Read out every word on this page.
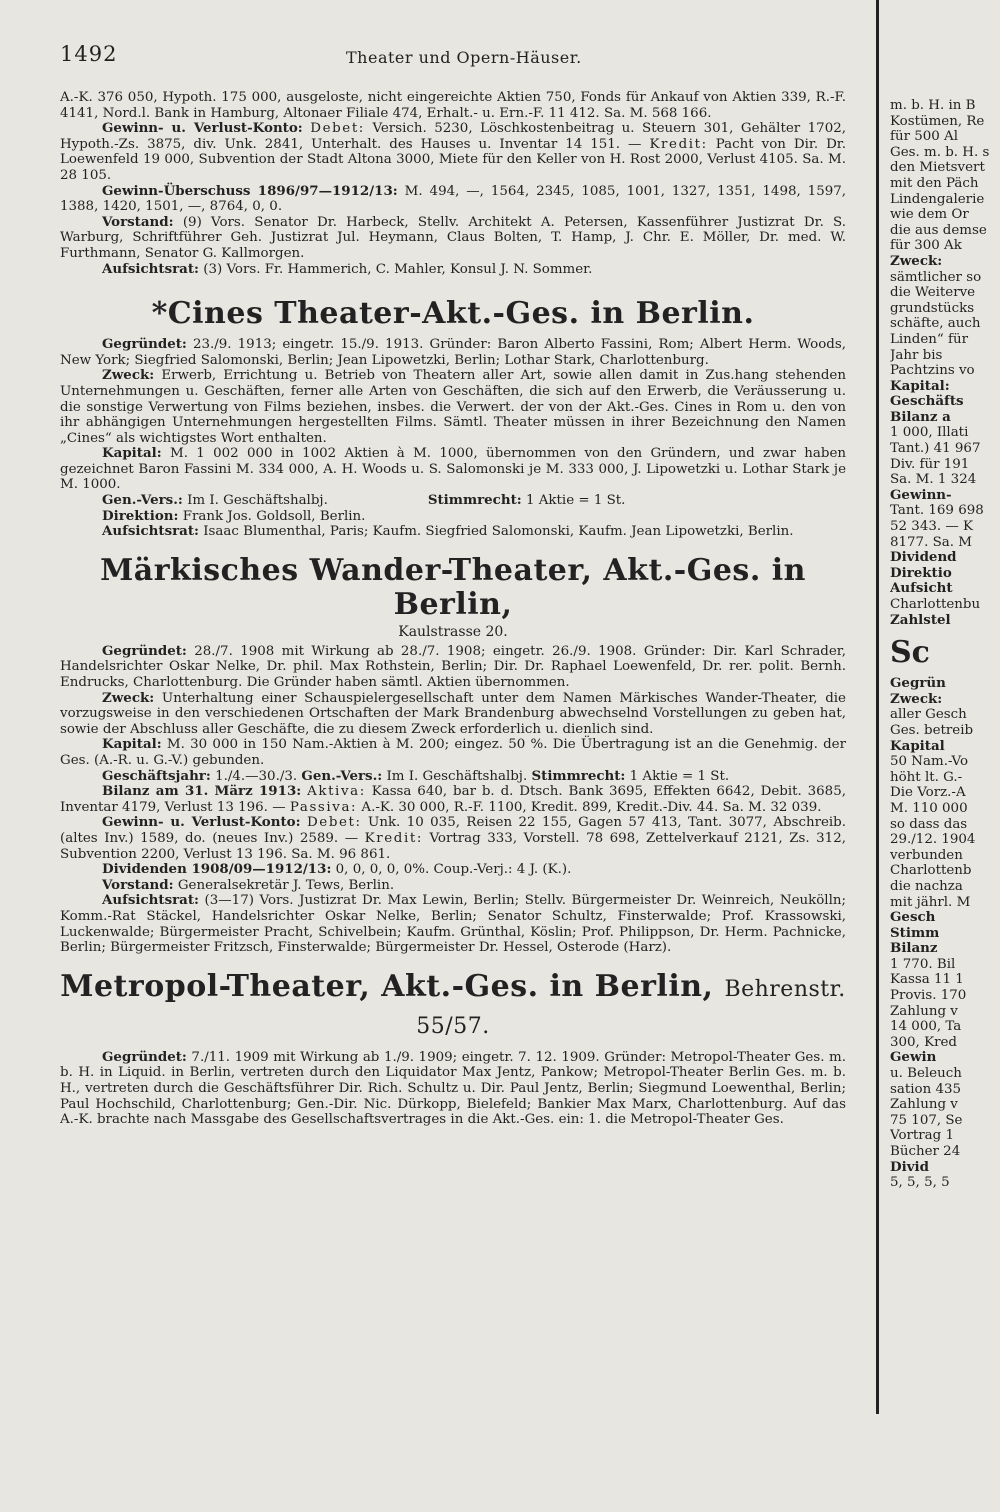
1492	Theater und Opern-Häuser.

A.-K. 376 050, Hypoth. 175 000, ausgeloste, nicht eingereichte Aktien 750, Fonds für Ankauf von Aktien 339, R.-F. 4141, Nord.l. Bank in Hamburg, Altonaer Filiale 474, Erhalt.- u. Ern.-F. 11 412. Sa. M. 568 166.

Gewinn- u. Verlust-Konto: Debet: Versich. 5230, Löschkostenbeitrag u. Steuern 301, Gehälter 1702, Hypoth.-Zs. 3875, div. Unk. 2841, Unterhalt. des Hauses u. Inventar 14 151. — Kredit: Pacht von Dir. Dr. Loewenfeld 19 000, Subvention der Stadt Altona 3000, Miete für den Keller von H. Rost 2000, Verlust 4105. Sa. M. 28 105.

Gewinn-Überschuss 1896/97—1912/13: M. 494, —, 1564, 2345, 1085, 1001, 1327, 1351, 1498, 1597, 1388, 1420, 1501, —, 8764, 0, 0.

Vorstand: (9) Vors. Senator Dr. Harbeck, Stellv. Architekt A. Petersen, Kassenführer Justizrat Dr. S. Warburg, Schriftführer Geh. Justizrat Jul. Heymann, Claus Bolten, T. Hamp, J. Chr. E. Möller, Dr. med. W. Furthmann, Senator G. Kallmorgen.

Aufsichtsrat: (3) Vors. Fr. Hammerich, C. Mahler, Konsul J. N. Sommer.

*Cines Theater-Akt.-Ges. in Berlin.

Gegründet: 23./9. 1913; eingetr. 15./9. 1913. Gründer: Baron Alberto Fassini, Rom; Albert Herm. Woods, New York; Siegfried Salomonski, Berlin; Jean Lipowetzki, Berlin; Lothar Stark, Charlottenburg.

Zweck: Erwerb, Errichtung u. Betrieb von Theatern aller Art, sowie allen damit in Zus.hang stehenden Unternehmungen u. Geschäften, ferner alle Arten von Geschäften, die sich auf den Erwerb, die Veräusserung u. die sonstige Verwertung von Films beziehen, insbes. die Verwert. der von der Akt.-Ges. Cines in Rom u. den von ihr abhängigen Unternehmungen hergestellten Films. Sämtl. Theater müssen in ihrer Bezeichnung den Namen „Cines“ als wichtigstes Wort enthalten.

Kapital: M. 1 002 000 in 1002 Aktien à M. 1000, übernommen von den Gründern, und zwar haben gezeichnet Baron Fassini M. 334 000, A. H. Woods u. S. Salomonski je M. 333 000, J. Lipowetzki u. Lothar Stark je M. 1000.

Gen.-Vers.: Im I. Geschäftshalbj.	Stimmrecht: 1 Aktie = 1 St.

Direktion: Frank Jos. Goldsoll, Berlin.

Aufsichtsrat: Isaac Blumenthal, Paris; Kaufm. Siegfried Salomonski, Kaufm. Jean Lipowetzki, Berlin.

Märkisches Wander-Theater, Akt.-Ges. in Berlin,
Kaulstrasse 20.

Gegründet: 28./7. 1908 mit Wirkung ab 28./7. 1908; eingetr. 26./9. 1908. Gründer: Dir. Karl Schrader, Handelsrichter Oskar Nelke, Dr. phil. Max Rothstein, Berlin; Dir. Dr. Raphael Loewenfeld, Dr. rer. polit. Bernh. Endrucks, Charlottenburg. Die Gründer haben sämtl. Aktien übernommen.

Zweck: Unterhaltung einer Schauspielergesellschaft unter dem Namen Märkisches Wander-Theater, die vorzugsweise in den verschiedenen Ortschaften der Mark Brandenburg abwechselnd Vorstellungen zu geben hat, sowie der Abschluss aller Geschäfte, die zu diesem Zweck erforderlich u. dienlich sind.

Kapital: M. 30 000 in 150 Nam.-Aktien à M. 200; eingez. 50 %. Die Übertragung ist an die Genehmig. der Ges. (A.-R. u. G.-V.) gebunden.

Geschäftsjahr: 1./4.—30./3. Gen.-Vers.: Im I. Geschäftshalbj. Stimmrecht: 1 Aktie = 1 St.

Bilanz am 31. März 1913: Aktiva: Kassa 640, bar b. d. Dtsch. Bank 3695, Effekten 6642, Debit. 3685, Inventar 4179, Verlust 13 196. — Passiva: A.-K. 30 000, R.-F. 1100, Kredit. 899, Kredit.-Div. 44. Sa. M. 32 039.

Gewinn- u. Verlust-Konto: Debet: Unk. 10 035, Reisen 22 155, Gagen 57 413, Tant. 3077, Abschreib. (altes Inv.) 1589, do. (neues Inv.) 2589. — Kredit: Vortrag 333, Vorstell. 78 698, Zettelverkauf 2121, Zs. 312, Subvention 2200, Verlust 13 196. Sa. M. 96 861.

Dividenden 1908/09—1912/13: 0, 0, 0, 0, 0%. Coup.-Verj.: 4 J. (K.).

Vorstand: Generalsekretär J. Tews, Berlin.

Aufsichtsrat: (3—17) Vors. Justizrat Dr. Max Lewin, Berlin; Stellv. Bürgermeister Dr. Weinreich, Neukölln; Komm.-Rat Stäckel, Handelsrichter Oskar Nelke, Berlin; Senator Schultz, Finsterwalde; Prof. Krassowski, Luckenwalde; Bürgermeister Pracht, Schivelbein; Kaufm. Grünthal, Köslin; Prof. Philippson, Dr. Herm. Pachnicke, Berlin; Bürgermeister Fritzsch, Finsterwalde; Bürgermeister Dr. Hessel, Osterode (Harz).

Metropol-Theater, Akt.-Ges. in Berlin, Behrenstr. 55/57.

Gegründet: 7./11. 1909 mit Wirkung ab 1./9. 1909; eingetr. 7. 12. 1909. Gründer: Metropol-Theater Ges. m. b. H. in Liquid. in Berlin, vertreten durch den Liquidator Max Jentz, Pankow; Metropol-Theater Berlin Ges. m. b. H., vertreten durch die Geschäftsführer Dir. Rich. Schultz u. Dir. Paul Jentz, Berlin; Siegmund Loewenthal, Berlin; Paul Hochschild, Charlottenburg; Gen.-Dir. Nic. Dürkopp, Bielefeld; Bankier Max Marx, Charlottenburg. Auf das A.-K. brachte nach Massgabe des Gesellschaftsvertrages in die Akt.-Ges. ein: 1. die Metropol-Theater Ges.

m. b. H. in B
Kostümen, Re
für 500 Al
Ges. m. b. H. s
den Mietsvert
mit den Päch
Lindengalerie
wie dem Or
die aus demse
für 300 Ak
Zweck:
sämtlicher so
die Weiterve
grundstücks
schäfte, auch
Linden“ für
Jahr bis
Pachtzins vo
Kapital:
Geschäfts
Bilanz a
1 000, Illati
Tant.) 41 967
Div. für 191
Sa. M. 1 324
Gewinn-
Tant. 169 698
52 343. — K
8177. Sa. M
Dividend
Direktio
Aufsicht
Charlottenbu
Zahlstel
Sc
Gegrün
Zweck:
aller Gesch
Ges. betreib
Kapital
50 Nam.-Vo
höht lt. G.-
Die Vorz.-A
M. 110 000
so dass das
29./12. 1904
verbunden
Charlottenb
die nachza
mit jährl. M
Gesch
Stimm
Bilanz
1 770. Bil
Kassa 11 1
Provis. 170
Zahlung v
14 000, Ta
300, Kred
Gewin
u. Beleuch
sation 435
Zahlung v
75 107, Se
Vortrag 1
Bücher 24
Divid
5, 5, 5, 5
